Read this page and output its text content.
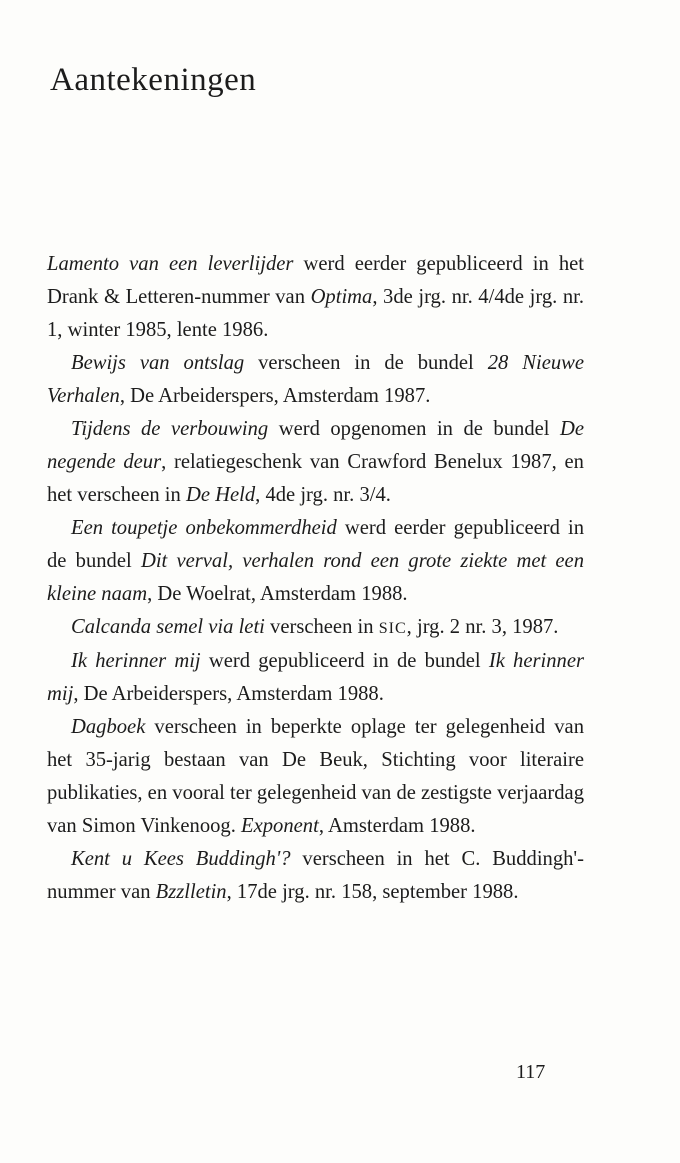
Aantekeningen

Lamento van een leverlijder werd eerder gepubliceerd in het Drank & Letteren-nummer van Optima, 3de jrg. nr. 4/4de jrg. nr. 1, winter 1985, lente 1986.

Bewijs van ontslag verscheen in de bundel 28 Nieuwe Verhalen, De Arbeiderspers, Amsterdam 1987.

Tijdens de verbouwing werd opgenomen in de bundel De negende deur, relatiegeschenk van Crawford Benelux 1987, en het verscheen in De Held, 4de jrg. nr. 3/4.

Een toupetje onbekommerdheid werd eerder gepubliceerd in de bundel Dit verval, verhalen rond een grote ziekte met een kleine naam, De Woelrat, Amsterdam 1988.

Calcanda semel via leti verscheen in SIC, jrg. 2 nr. 3, 1987.

Ik herinner mij werd gepubliceerd in de bundel Ik herinner mij, De Arbeiderspers, Amsterdam 1988.

Dagboek verscheen in beperkte oplage ter gelegenheid van het 35-jarig bestaan van De Beuk, Stichting voor literaire publikaties, en vooral ter gelegenheid van de zestigste verjaardag van Simon Vinkenoog. Exponent, Amsterdam 1988.

Kent u Kees Buddingh'? verscheen in het C. Buddingh'-nummer van Bzzlletin, 17de jrg. nr. 158, september 1988.

117
